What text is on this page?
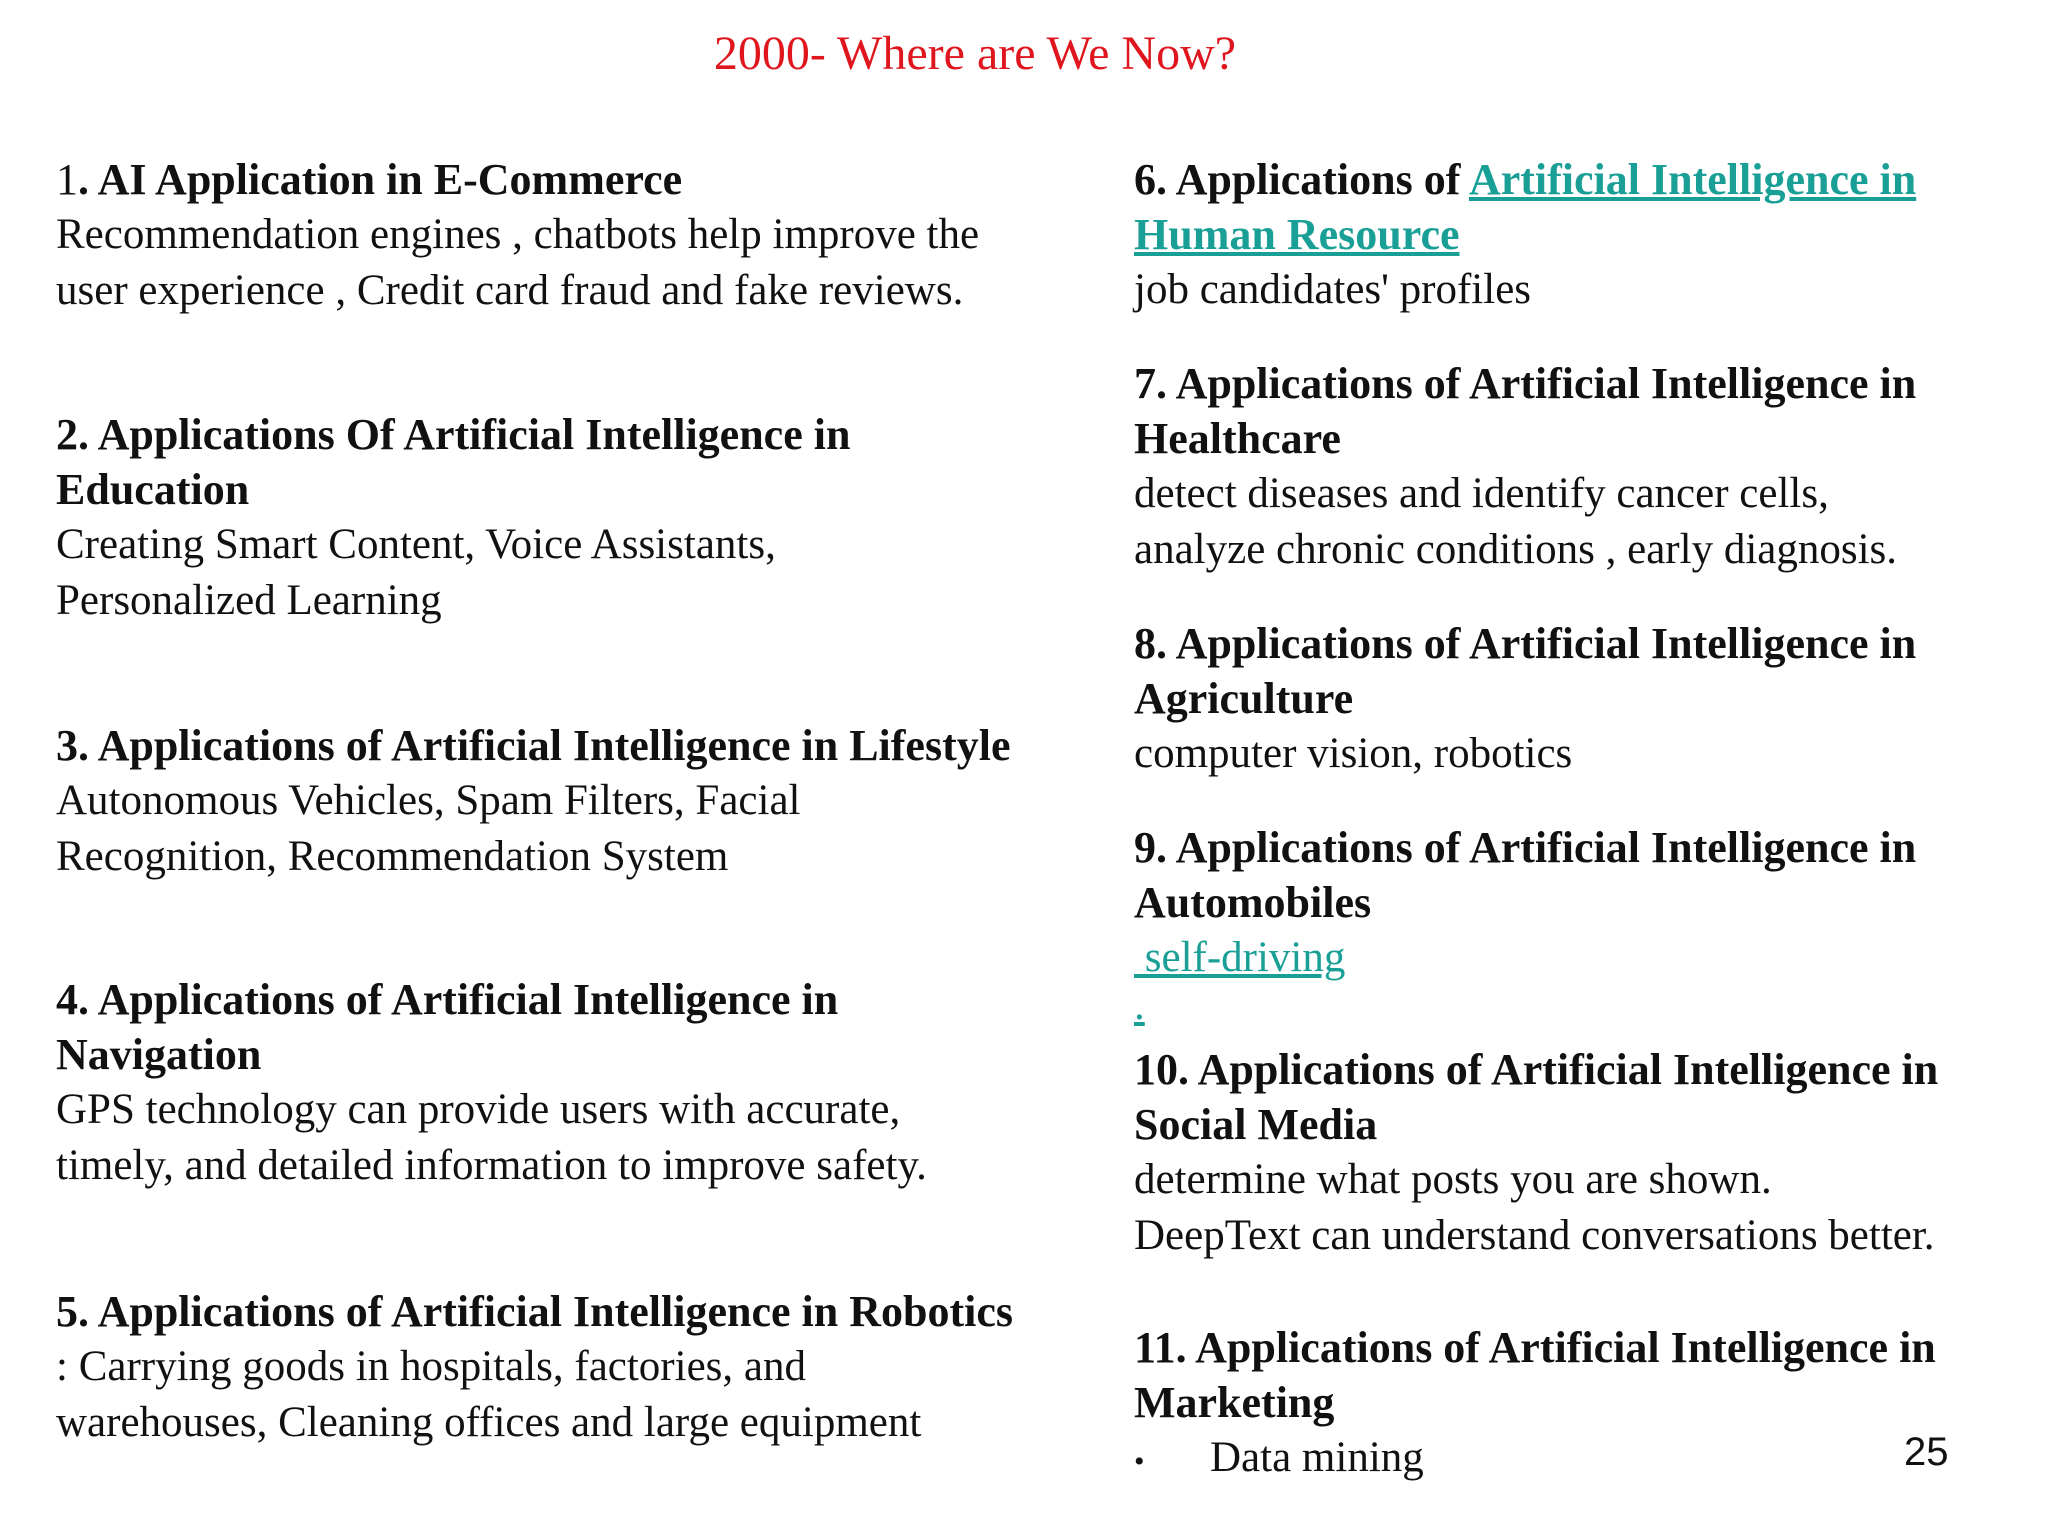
2000- Where are We Now?

1. AI Application in E-Commerce

Recommendation engines , chatbots help improve the

user experience , Credit card fraud and fake reviews.

2. Applications Of Artificial Intelligence in

Education

Creating Smart Content, Voice Assistants,

Personalized Learning

3. Applications of Artificial Intelligence in Lifestyle

Autonomous Vehicles, Spam Filters, Facial

Recognition, Recommendation System

4. Applications of Artificial Intelligence in

Navigation

GPS technology can provide users with accurate,

timely, and detailed information to improve safety.

5. Applications of Artificial Intelligence in Robotics

: Carrying goods in hospitals, factories, and

warehouses, Cleaning offices and large equipment

6. Applications of Artificial Intelligence in

Human Resource

job candidates' profiles

7. Applications of Artificial Intelligence in

Healthcare

detect diseases and identify cancer cells,

analyze chronic conditions , early diagnosis.

8. Applications of Artificial Intelligence in

Agriculture

computer vision, robotics

9. Applications of Artificial Intelligence in

Automobiles

self-driving

.

10. Applications of Artificial Intelligence in

Social Media

determine what posts you are shown.

DeepText can understand conversations better.

11. Applications of Artificial Intelligence in

Marketing

•	Data mining	25
